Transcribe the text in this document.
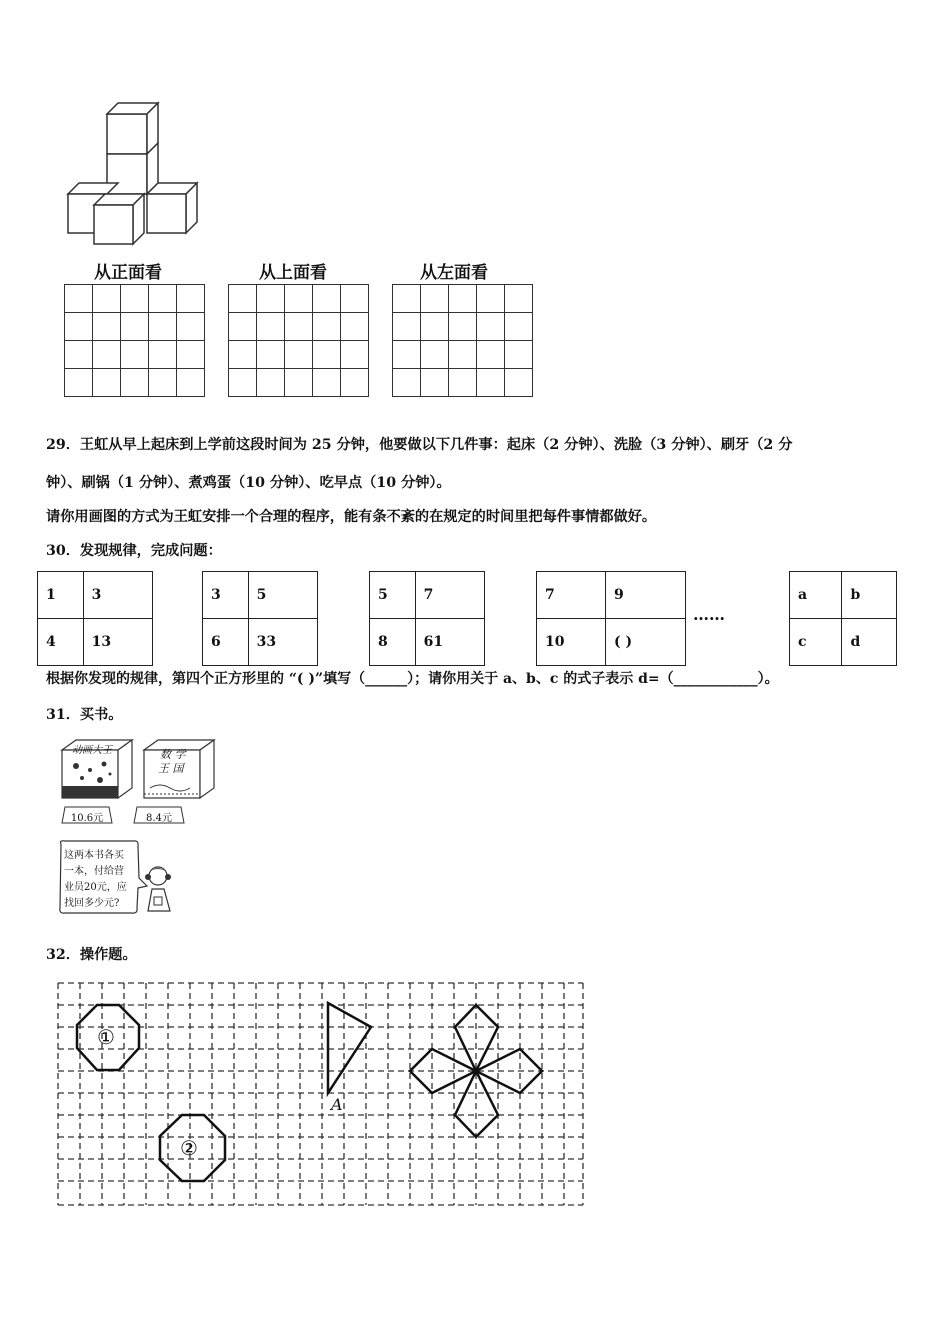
从正面看	从上面看	从左面看

29．王虹从早上起床到上学前这段时间为 25 分钟，他要做以下几件事：起床（2 分钟）、洗脸（3 分钟）、刷牙（2 分
钟）、刷锅（1 分钟）、煮鸡蛋（10 分钟）、吃早点（10 分钟）。
请你用画图的方式为王虹安排一个合理的程序，能有条不紊的在规定的时间里把每件事情都做好。
30．发现规律，完成问题：
1	3
4	13
3	5
6	33
5	7
8	61
7	9
10	( )
……
a	b
c	d
根据你发现的规律，第四个正方形里的 “( )”填写（______）；请你用关于 a、b、c 的式子表示 d=（____________）。
31．买书。
动画大王	数 学
王 国
10.6元	8.4元
这两本书各买
一本，付给营
业员20元，应
找回多少元?
32．操作题。
①
②
A
